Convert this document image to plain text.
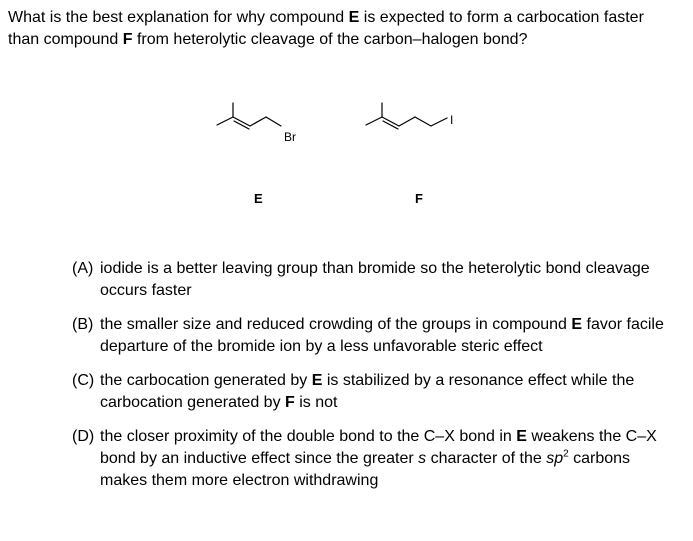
What is the best explanation for why compound E is expected to form a carbocation faster than compound F from heterolytic cleavage of the carbon–halogen bond?
Br
I
E	F
(A) iodide is a better leaving group than bromide so the heterolytic bond cleavage occurs faster
(B) the smaller size and reduced crowding of the groups in compound E favor facile departure of the bromide ion by a less unfavorable steric effect
(C) the carbocation generated by E is stabilized by a resonance effect while the carbocation generated by F is not
(D) the closer proximity of the double bond to the C–X bond in E weakens the C–X bond by an inductive effect since the greater s character of the $sp^2$ carbons makes them more electron withdrawing
